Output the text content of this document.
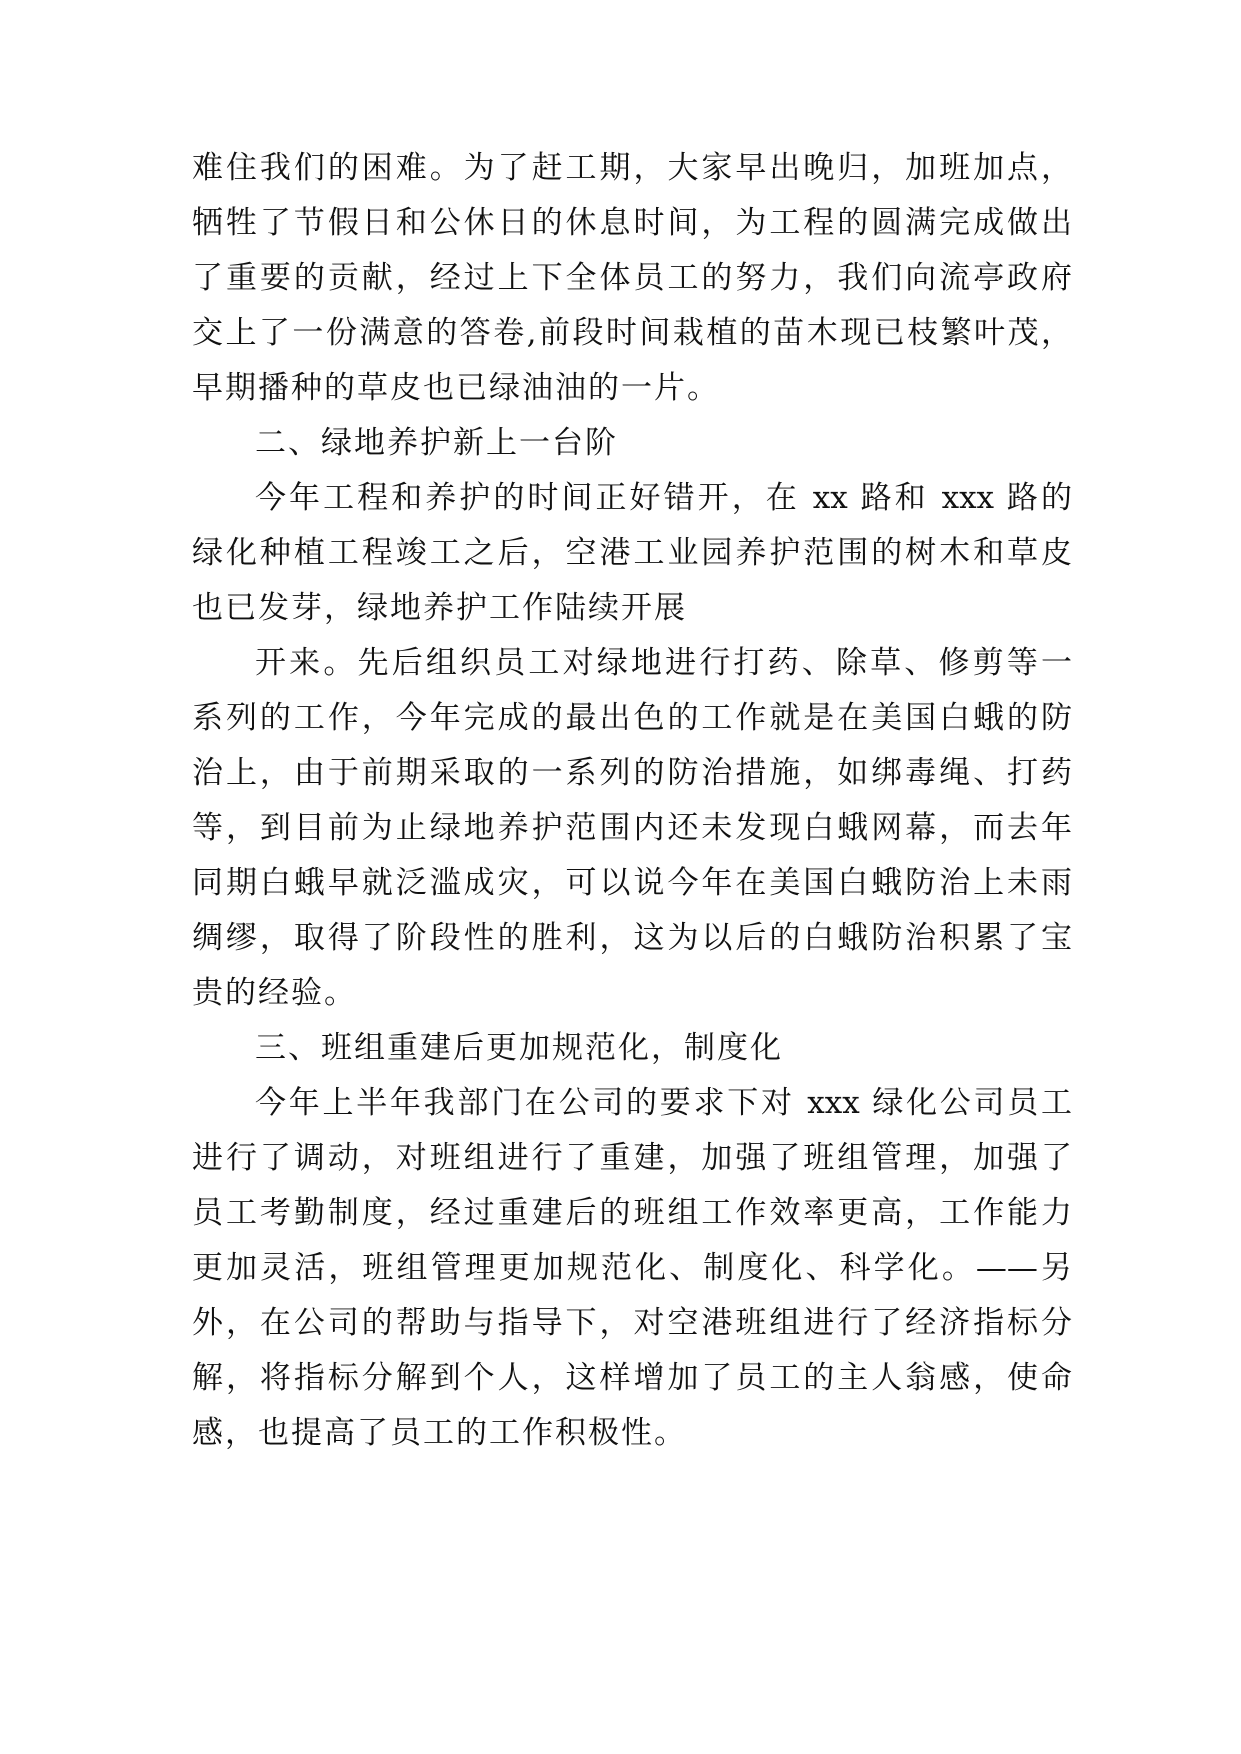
难住我们的困难。为了赶工期，大家早出晚归，加班加点，
牺牲了节假日和公休日的休息时间，为工程的圆满完成做出
了重要的贡献，经过上下全体员工的努力，我们向流亭政府
交上了一份满意的答卷,前段时间栽植的苗木现已枝繁叶茂，
早期播种的草皮也已绿油油的一片。
二、绿地养护新上一台阶
今年工程和养护的时间正好错开，在 xx 路和 xxx 路的
绿化种植工程竣工之后，空港工业园养护范围的树木和草皮
也已发芽，绿地养护工作陆续开展
开来。先后组织员工对绿地进行打药、除草、修剪等一
系列的工作，今年完成的最出色的工作就是在美国白蛾的防
治上，由于前期采取的一系列的防治措施，如绑毒绳、打药
等，到目前为止绿地养护范围内还未发现白蛾网幕，而去年
同期白蛾早就泛滥成灾，可以说今年在美国白蛾防治上未雨
绸缪，取得了阶段性的胜利，这为以后的白蛾防治积累了宝
贵的经验。
三、班组重建后更加规范化，制度化
今年上半年我部门在公司的要求下对 xxx 绿化公司员工
进行了调动，对班组进行了重建，加强了班组管理，加强了
员工考勤制度，经过重建后的班组工作效率更高，工作能力
更加灵活，班组管理更加规范化、制度化、科学化。——另
外，在公司的帮助与指导下，对空港班组进行了经济指标分
解，将指标分解到个人，这样增加了员工的主人翁感，使命
感，也提高了员工的工作积极性。
